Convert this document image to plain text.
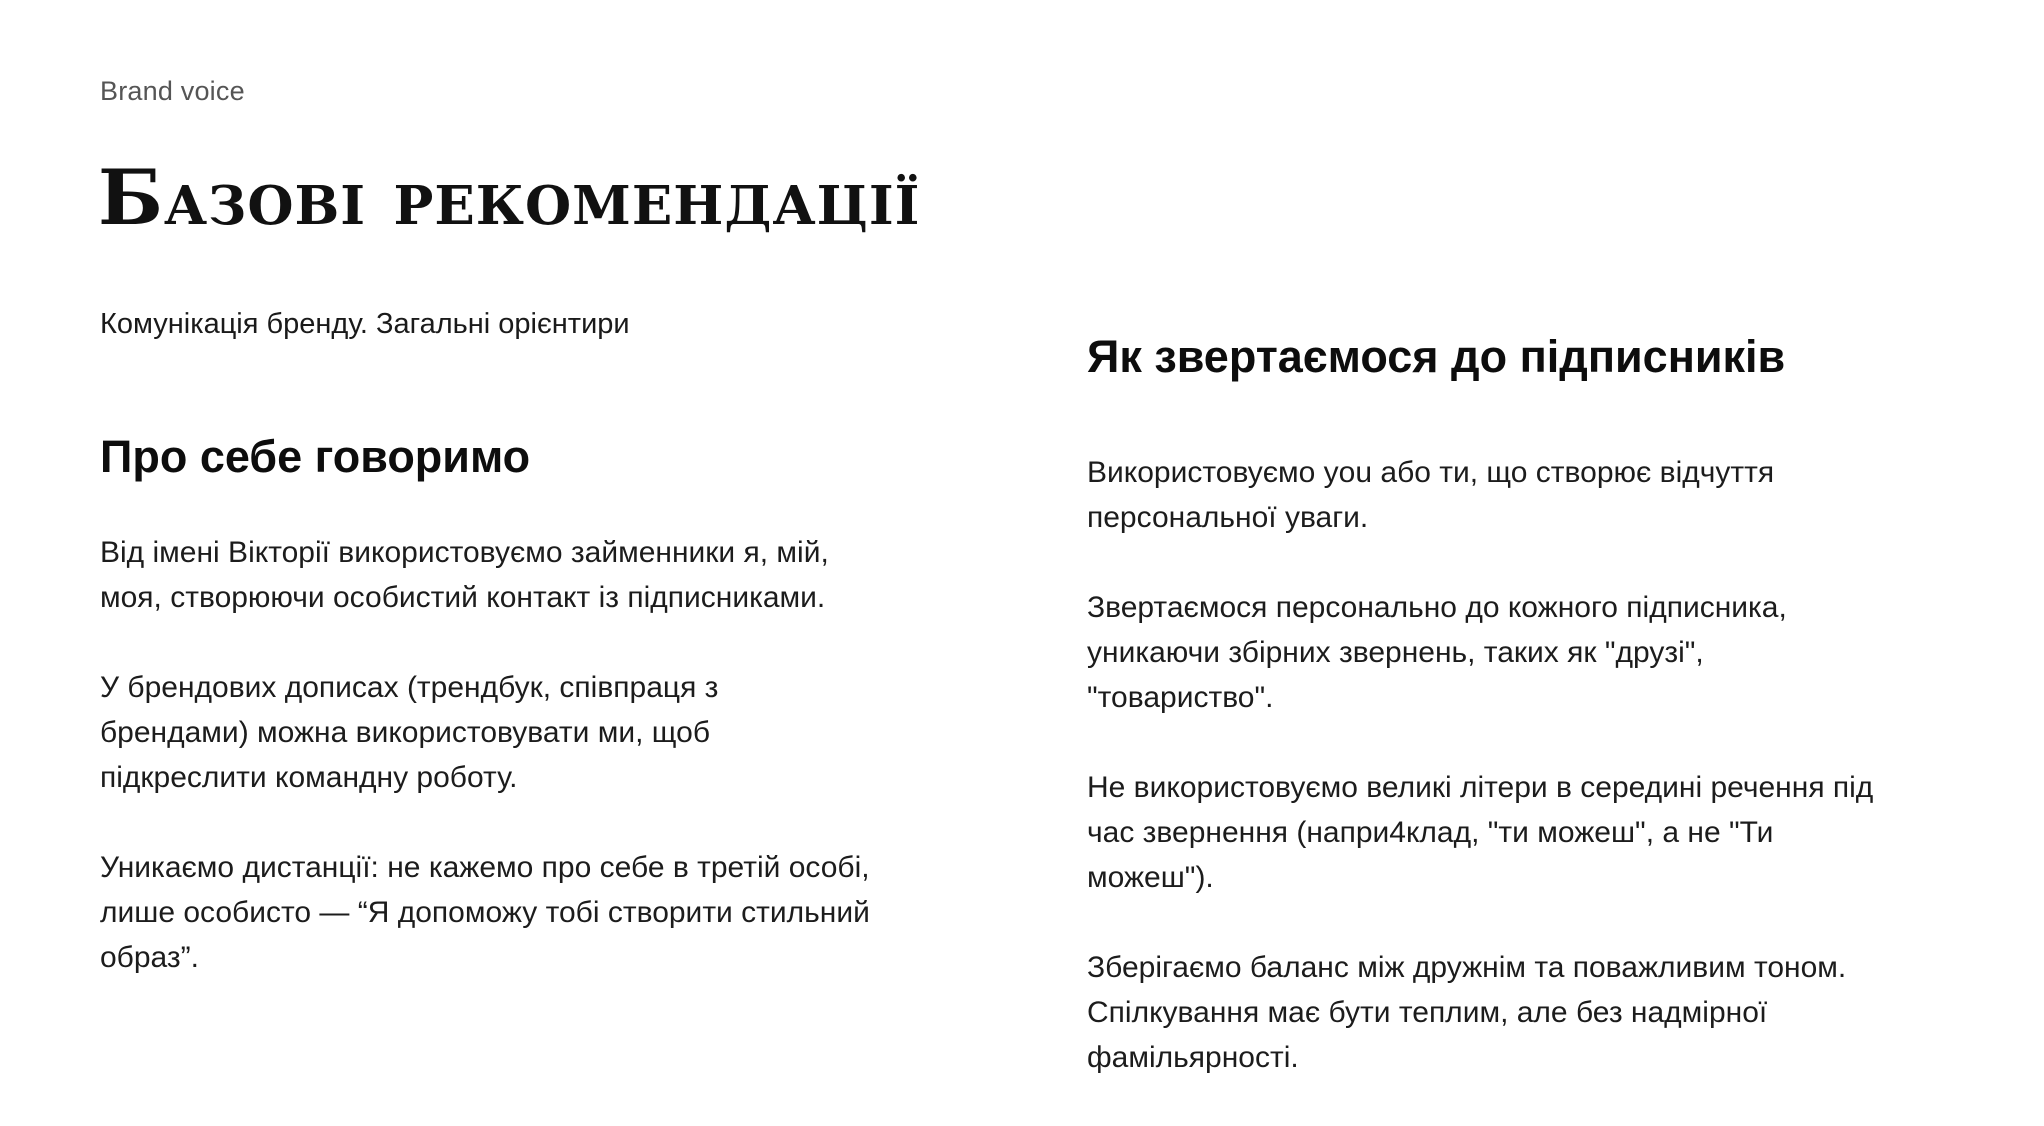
Brand voice
Базові рекомендації
Комунікація бренду. Загальні орієнтири
Про себе говоримо

Від імені Вікторії використовуємо займенники я, мій, моя, створюючи особистий контакт із підписниками.

У брендових дописах (трендбук, співпраця з брендами) можна використовувати ми, щоб підкреслити командну роботу.

Уникаємо дистанції: не кажемо про себе в третій особі, лише особисто — “Я допоможу тобі створити стильний образ”.

Як звертаємося до підписників

Використовуємо you або ти, що створює відчуття персональної уваги.

Звертаємося персонально до кожного підписника, уникаючи збірних звернень, таких як "друзі", "товариство".

Не використовуємо великі літери в середині речення під час звернення (напри4клад, "ти можеш", а не "Ти можеш").

Зберігаємо баланс між дружнім та поважливим тоном. Спілкування має бути теплим, але без надмірної фамільярності.
